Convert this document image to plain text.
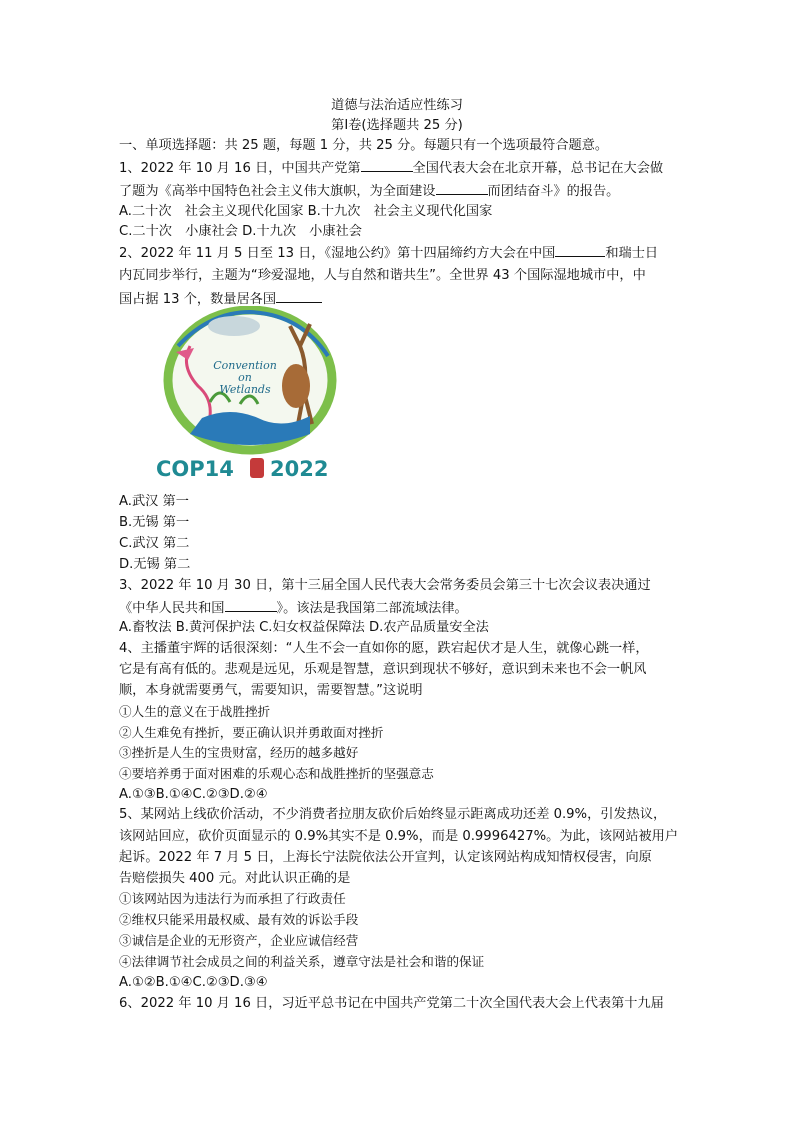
道德与法治适应性练习
第Ⅰ卷(选择题共 25 分)
一、单项选择题：共 25 题，每题 1 分，共 25 分。每题只有一个选项最符合题意。
1、2022 年 10 月 16 日，中国共产党第	全国代表大会在北京开幕，总书记在大会做
了题为《高举中国特色社会主义伟大旗帜，为全面建设	而团结奋斗》的报告。
A.二十次　社会主义现代化国家 B.十九次　社会主义现代化国家
C.二十次　小康社会 D.十九次　小康社会
2、2022 年 11 月 5 日至 13 日，《湿地公约》第十四届缔约方大会在中国	和瑞士日
内瓦同步举行，主题为“珍爱湿地，人与自然和谐共生”。全世界 43 个国际湿地城市中，中
国占据 13 个，数量居各国
Convention
on
Wetlands
COP14 2022
A.武汉 第一
B.无锡 第一
C.武汉 第二
D.无锡 第二
3、2022 年 10 月 30 日，第十三届全国人民代表大会常务委员会第三十七次会议表决通过
《中华人民共和国	》。该法是我国第二部流域法律。
A.畜牧法 B.黄河保护法 C.妇女权益保障法 D.农产品质量安全法
4、主播董宇辉的话很深刻：“人生不会一直如你的愿，跌宕起伏才是人生，就像心跳一样，
它是有高有低的。悲观是远见，乐观是智慧，意识到现状不够好，意识到未来也不会一帆风
顺，本身就需要勇气，需要知识，需要智慧。”这说明
①人生的意义在于战胜挫折
②人生难免有挫折，要正确认识并勇敢面对挫折
③挫折是人生的宝贵财富，经历的越多越好
④要培养勇于面对困难的乐观心态和战胜挫折的坚强意志
A.①③B.①④C.②③D.②④
5、某网站上线砍价活动，不少消费者拉朋友砍价后始终显示距离成功还差 0.9%，引发热议，
该网站回应，砍价页面显示的 0.9%其实不是 0.9%，而是 0.9996427%。为此，该网站被用户
起诉。2022 年 7 月 5 日，上海长宁法院依法公开宣判，认定该网站构成知情权侵害，向原
告赔偿损失 400 元。对此认识正确的是
①该网站因为违法行为而承担了行政责任
②维权只能采用最权威、最有效的诉讼手段
③诚信是企业的无形资产，企业应诚信经营
④法律调节社会成员之间的利益关系，遵章守法是社会和谐的保证
A.①②B.①④C.②③D.③④
6、2022 年 10 月 16 日，习近平总书记在中国共产党第二十次全国代表大会上代表第十九届
